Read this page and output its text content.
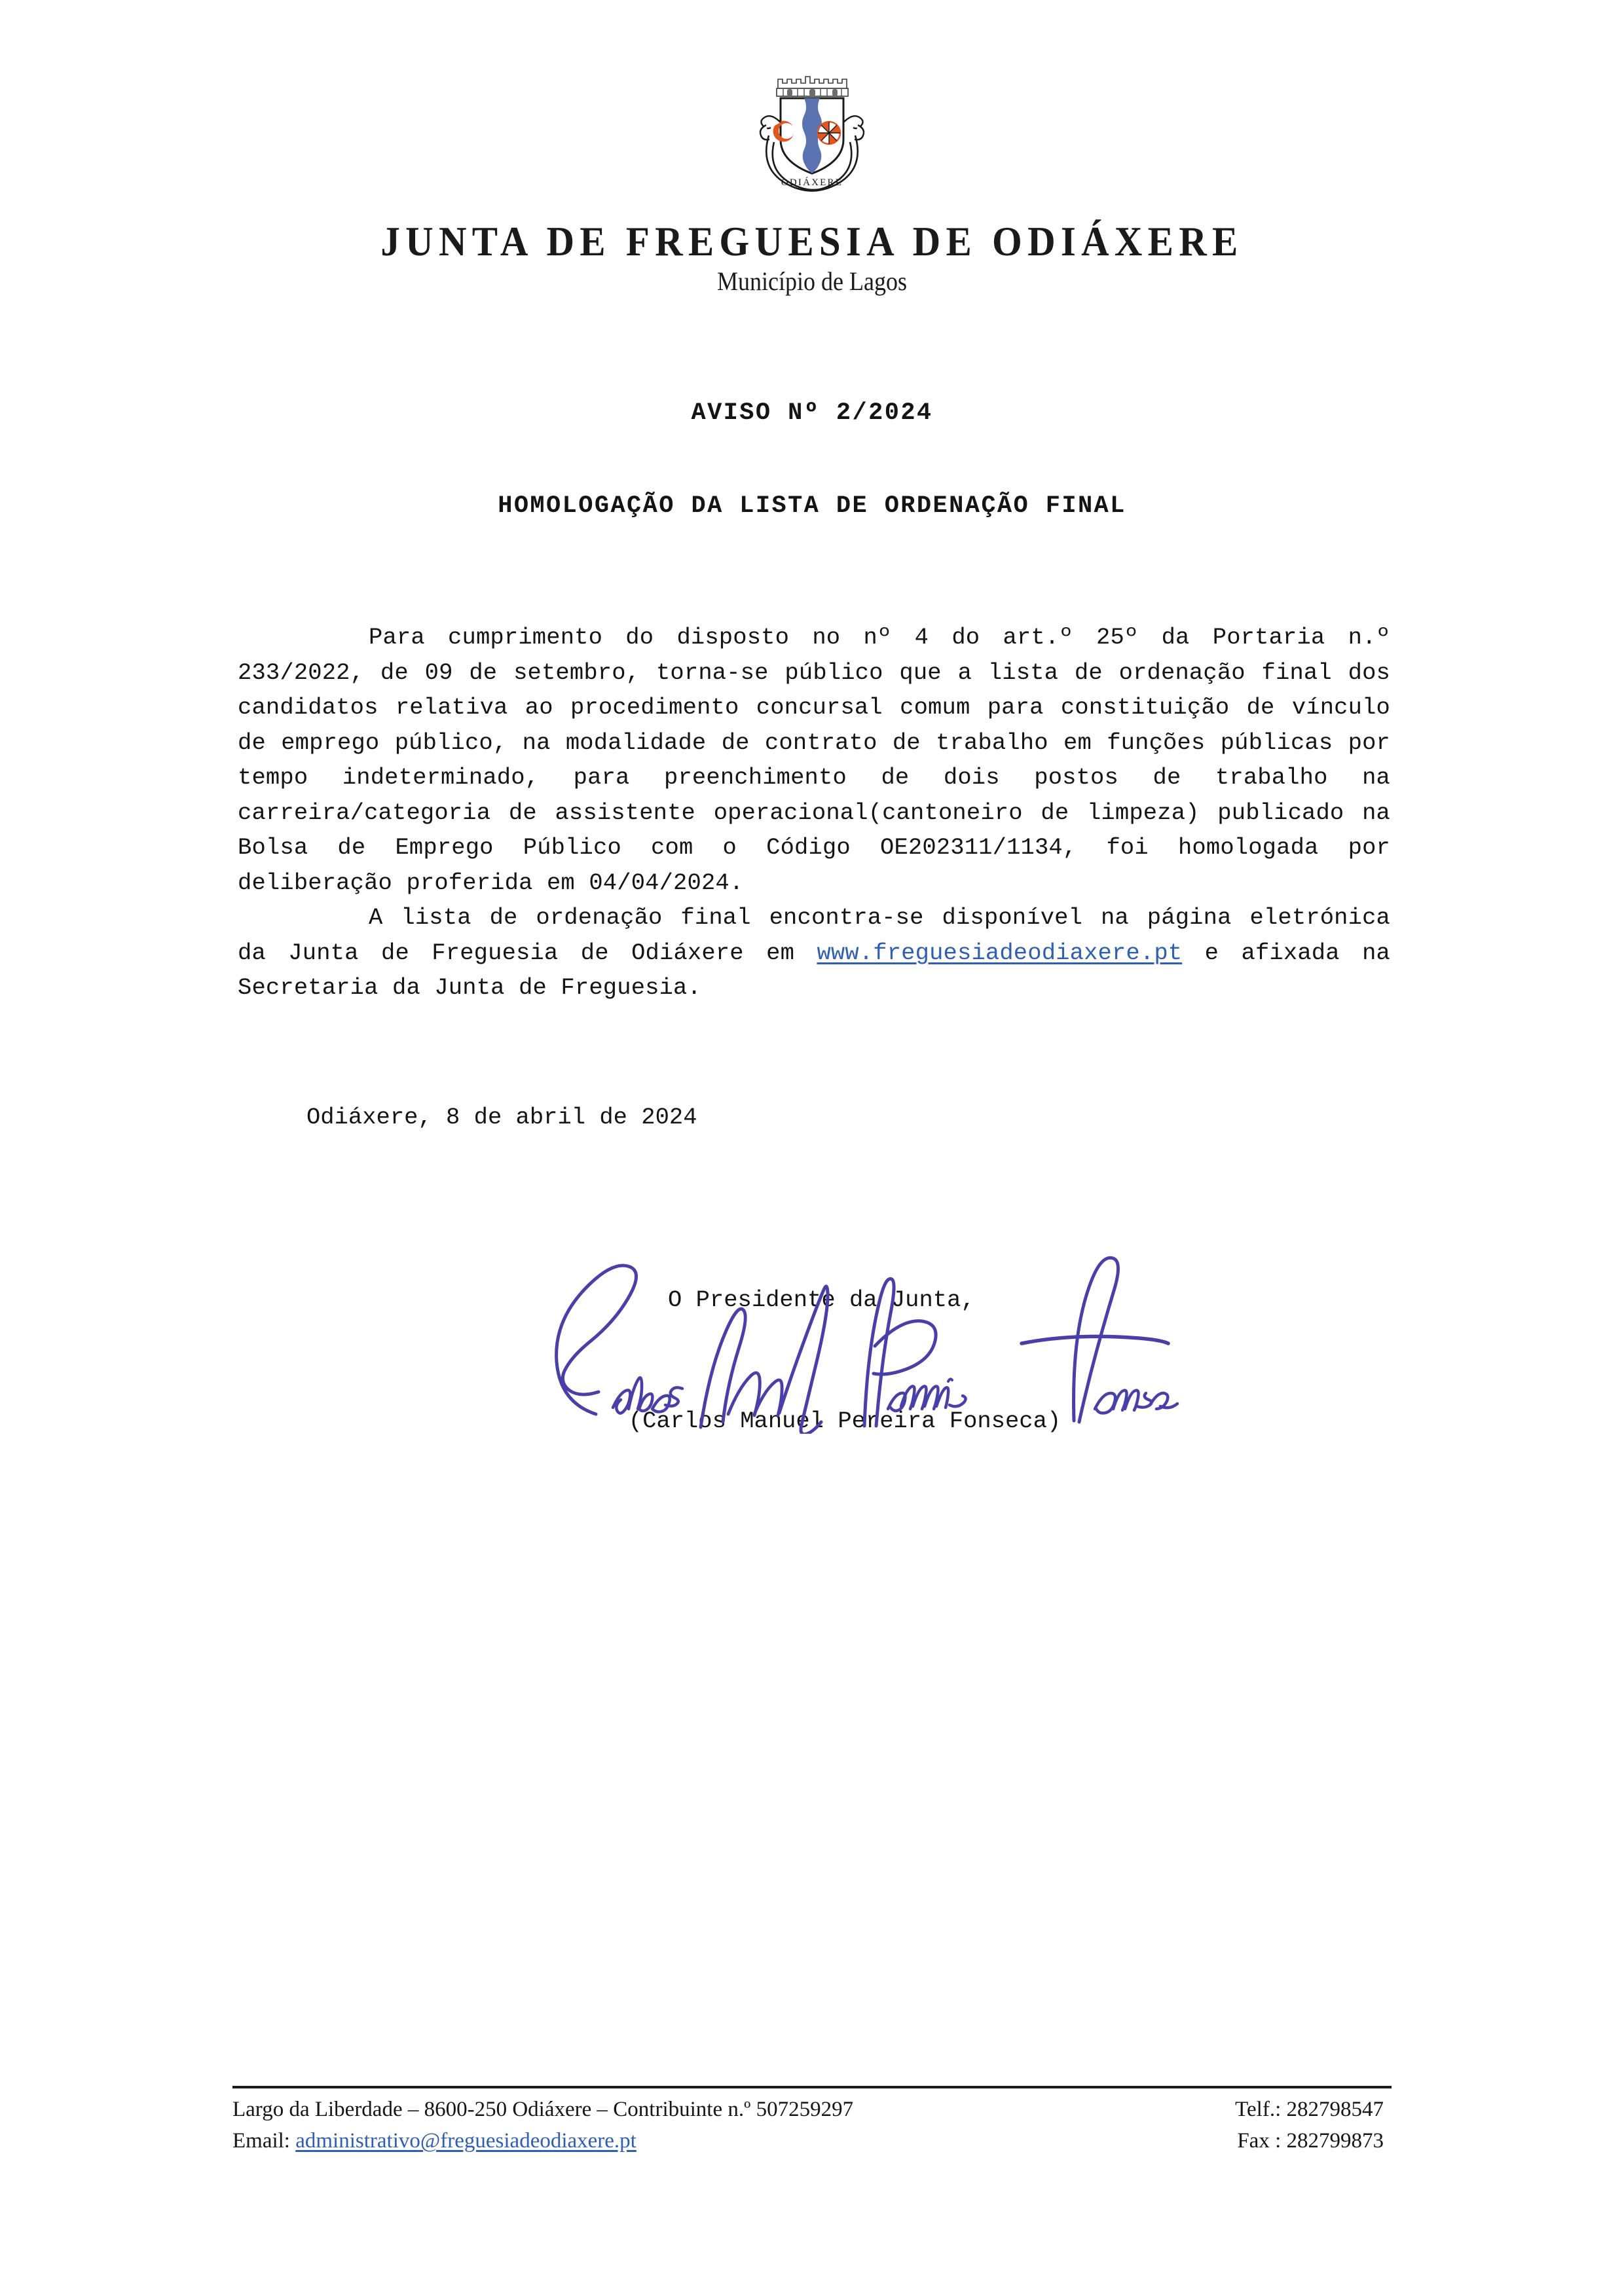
ODIÁXERE
JUNTA DE FREGUESIA DE ODIÁXERE
Município de Lagos
AVISO Nº 2/2024
HOMOLOGAÇÃO DA LISTA DE ORDENAÇÃO FINAL

Para cumprimento do disposto no nº 4 do art.º 25º da Portaria n.º 233/2022, de 09 de setembro, torna-se público que a lista de ordenação final dos candidatos relativa ao procedimento concursal comum para constituição de vínculo de emprego público, na modalidade de contrato de trabalho em funções públicas por tempo indeterminado, para preenchimento de dois postos de trabalho na carreira/categoria de assistente operacional(cantoneiro de limpeza) publicado na Bolsa de Emprego Público com o Código OE202311/1134, foi homologada por deliberação proferida em 04/04/2024.

A lista de ordenação final encontra-se disponível na página eletrónica da Junta de Freguesia de Odiáxere em www.freguesiadeodiaxere.pt e afixada na Secretaria da Junta de Freguesia.

Odiáxere, 8 de abril de 2024
O Presidente da Junta,
(Carlos Manuel Pereira Fonseca)
Largo da Liberdade – 8600-250 Odiáxere – Contribuinte n.º 507259297
Email: administrativo@freguesiadeodiaxere.pt
Telf.: 282798547
Fax : 282799873
